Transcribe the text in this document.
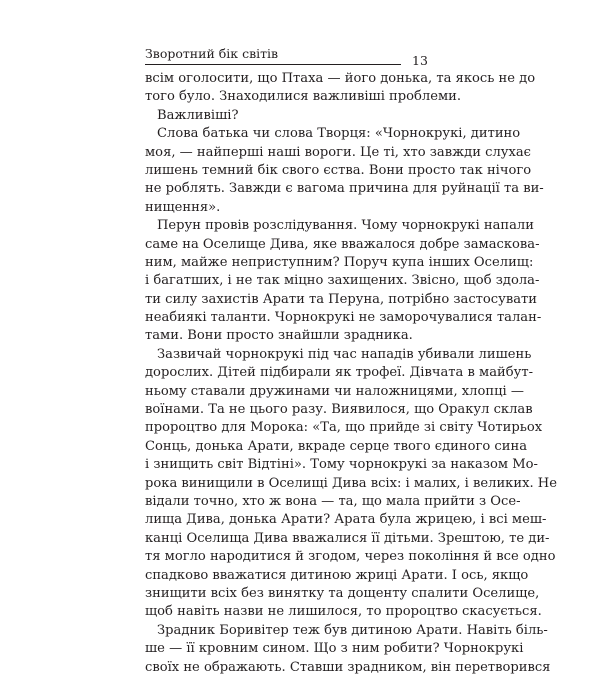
Зворотний бік світів	13
всім оголосити, що Птаха — його донька, та якось не до
того було. Знаходилися важливіші проблеми.
Важливіші?
Слова батька чи слова Творця: «Чорнокрукі, дитино
моя, — найперші наші вороги. Це ті, хто завжди слухає
лишень темний бік свого єства. Вони просто так нічого
не роблять. Завжди є вагома причина для руйнації та ви-
нищення».
Перун провів розслідування. Чому чорнокрукі напали
саме на Оселище Дива, яке вважалося добре замаскова-
ним, майже неприступним? Поруч купа інших Оселищ:
і багатших, і не так міцно захищених. Звісно, щоб здола-
ти силу захистів Арати та Перуна, потрібно застосувати
неабиякі таланти. Чорнокрукі не заморочувалися талан-
тами. Вони просто знайшли зрадника.
Зазвичай чорнокрукі під час нападів убивали лишень
дорослих. Дітей підбирали як трофеї. Дівчата в майбут-
ньому ставали дружинами чи наложницями, хлопці —
воїнами. Та не цього разу. Виявилося, що Оракул склав
пророцтво для Морока: «Та, що прийде зі світу Чотирьох
Сонць, донька Арати, вкраде серце твого єдиного сина
і знищить світ Відтіні». Тому чорнокрукі за наказом Мо-
рока винищили в Оселищі Дива всіх: і малих, і великих. Не
відали точно, хто ж вона — та, що мала прийти з Осе-
лища Дива, донька Арати? Арата була жрицею, і всі меш-
канці Оселища Дива вважалися її дітьми. Зрештою, те ди-
тя могло народитися й згодом, через покоління й все одно
спадково вважатися дитиною жриці Арати. І ось, якщо
знищити всіх без винятку та дощенту спалити Оселище,
щоб навіть назви не лишилося, то пророцтво скасується.
Зрадник Боривітер теж був дитиною Арати. Навіть біль-
ше — її кровним сином. Що з ним робити? Чорнокрукі
своїх не ображають. Ставши зрадником, він перетворився
